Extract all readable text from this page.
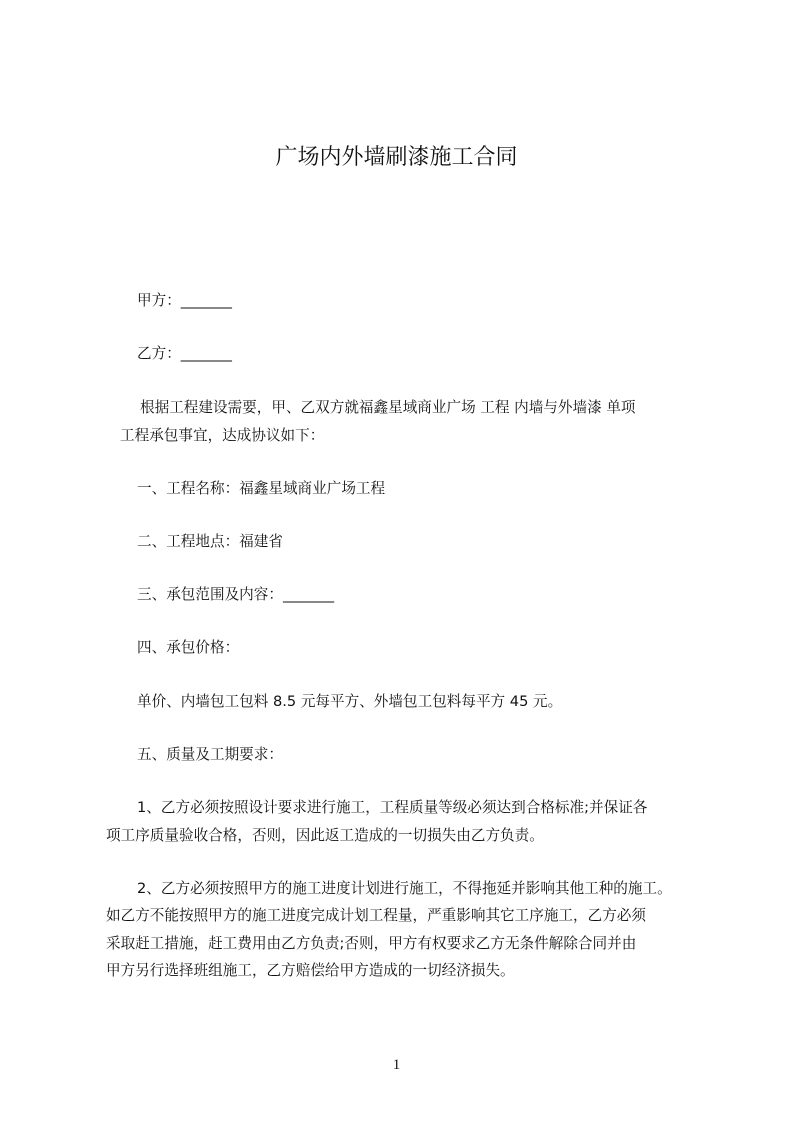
广场内外墙刷漆施工合同
甲方：_______
乙方：_______
根据工程建设需要，甲、乙双方就福鑫星域商业广场 工程 内墙与外墙漆 单项
工程承包事宜，达成协议如下：
一、工程名称：福鑫星域商业广场工程
二、工程地点：福建省
三、承包范围及内容：_______
四、承包价格：
单价、内墙包工包料 8.5 元每平方、外墙包工包料每平方 45 元。
五、质量及工期要求：
1、乙方必须按照设计要求进行施工，工程质量等级必须达到合格标准;并保证各
项工序质量验收合格，否则，因此返工造成的一切损失由乙方负责。
2、乙方必须按照甲方的施工进度计划进行施工，不得拖延并影响其他工种的施工。
如乙方不能按照甲方的施工进度完成计划工程量，严重影响其它工序施工，乙方必须
采取赶工措施，赶工费用由乙方负责;否则，甲方有权要求乙方无条件解除合同并由
甲方另行选择班组施工，乙方赔偿给甲方造成的一切经济损失。
1
